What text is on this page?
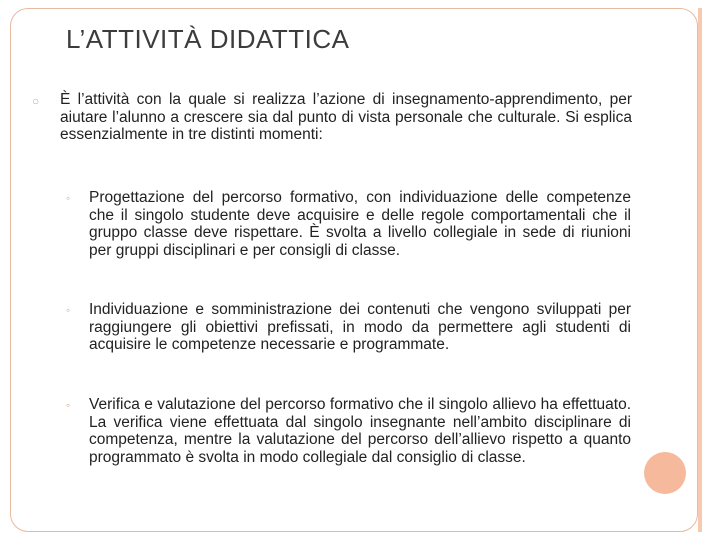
L’ATTIVITÀ DIDATTICA
○ È l’attività con la quale si realizza l’azione di insegnamento-apprendimento, per aiutare l’alunno a crescere sia dal punto di vista personale che culturale. Si esplica essenzialmente in tre distinti momenti:
◦ Progettazione del percorso formativo, con individuazione delle competenze che il singolo studente deve acquisire e delle regole comportamentali che il gruppo classe deve rispettare. È svolta a livello collegiale in sede di riunioni per gruppi disciplinari e per consigli di classe.
◦ Individuazione e somministrazione dei contenuti che vengono sviluppati per raggiungere gli obiettivi prefissati, in modo da permettere agli studenti di acquisire le competenze necessarie e programmate.
◦ Verifica e valutazione del percorso formativo che il singolo allievo ha effettuato. La verifica viene effettuata dal singolo insegnante nell’ambito disciplinare di competenza, mentre la valutazione del percorso dell’allievo rispetto a quanto programmato è svolta in modo collegiale dal consiglio di classe.
